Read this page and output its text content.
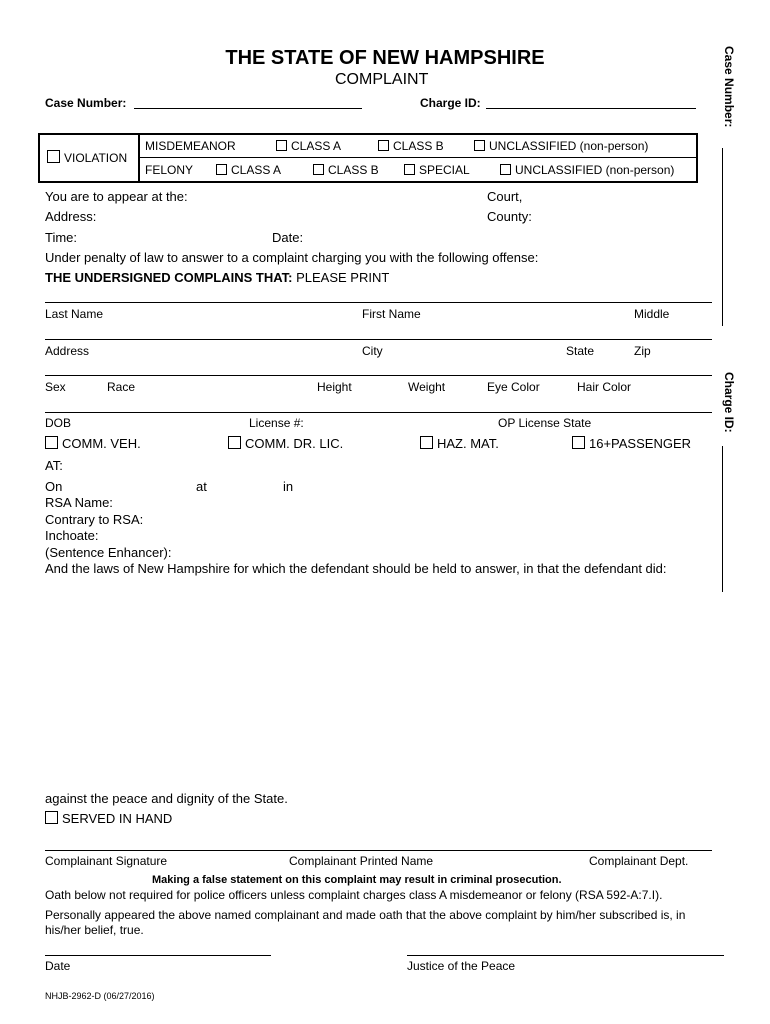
THE STATE OF NEW HAMPSHIRE
COMPLAINT
Case Number:	Charge ID:	Case Number:
Charge ID:
VIOLATION
MISDEMEANOR	CLASS A	CLASS B	UNCLASSIFIED (non-person)
FELONY	CLASS A	CLASS B	SPECIAL	UNCLASSIFIED (non-person)
You are to appear at the:	Court,
Address:	County:
Time:	Date:
Under penalty of law to answer to a complaint charging you with the following offense:
THE UNDERSIGNED COMPLAINS THAT: PLEASE PRINT
Last Name	First Name	Middle
Address	City	State	Zip
Sex	Race	Height	Weight	Eye Color	Hair Color
DOB	License #:	OP License State
COMM. VEH.	COMM. DR. LIC.	HAZ. MAT.	16+PASSENGER
AT:
On	at	in
RSA Name:
Contrary to RSA:
Inchoate:
(Sentence Enhancer):
And the laws of New Hampshire for which the defendant should be held to answer, in that the defendant did:
against the peace and dignity of the State.
SERVED IN HAND
Complainant Signature	Complainant Printed Name	Complainant Dept.
Making a false statement on this complaint may result in criminal prosecution.
Oath below not required for police officers unless complaint charges class A misdemeanor or felony (RSA 592-A:7.I).
Personally appeared the above named complainant and made oath that the above complaint by him/her subscribed is, in
his/her belief, true.
Date	Justice of the Peace
NHJB-2962-D (06/27/2016)
